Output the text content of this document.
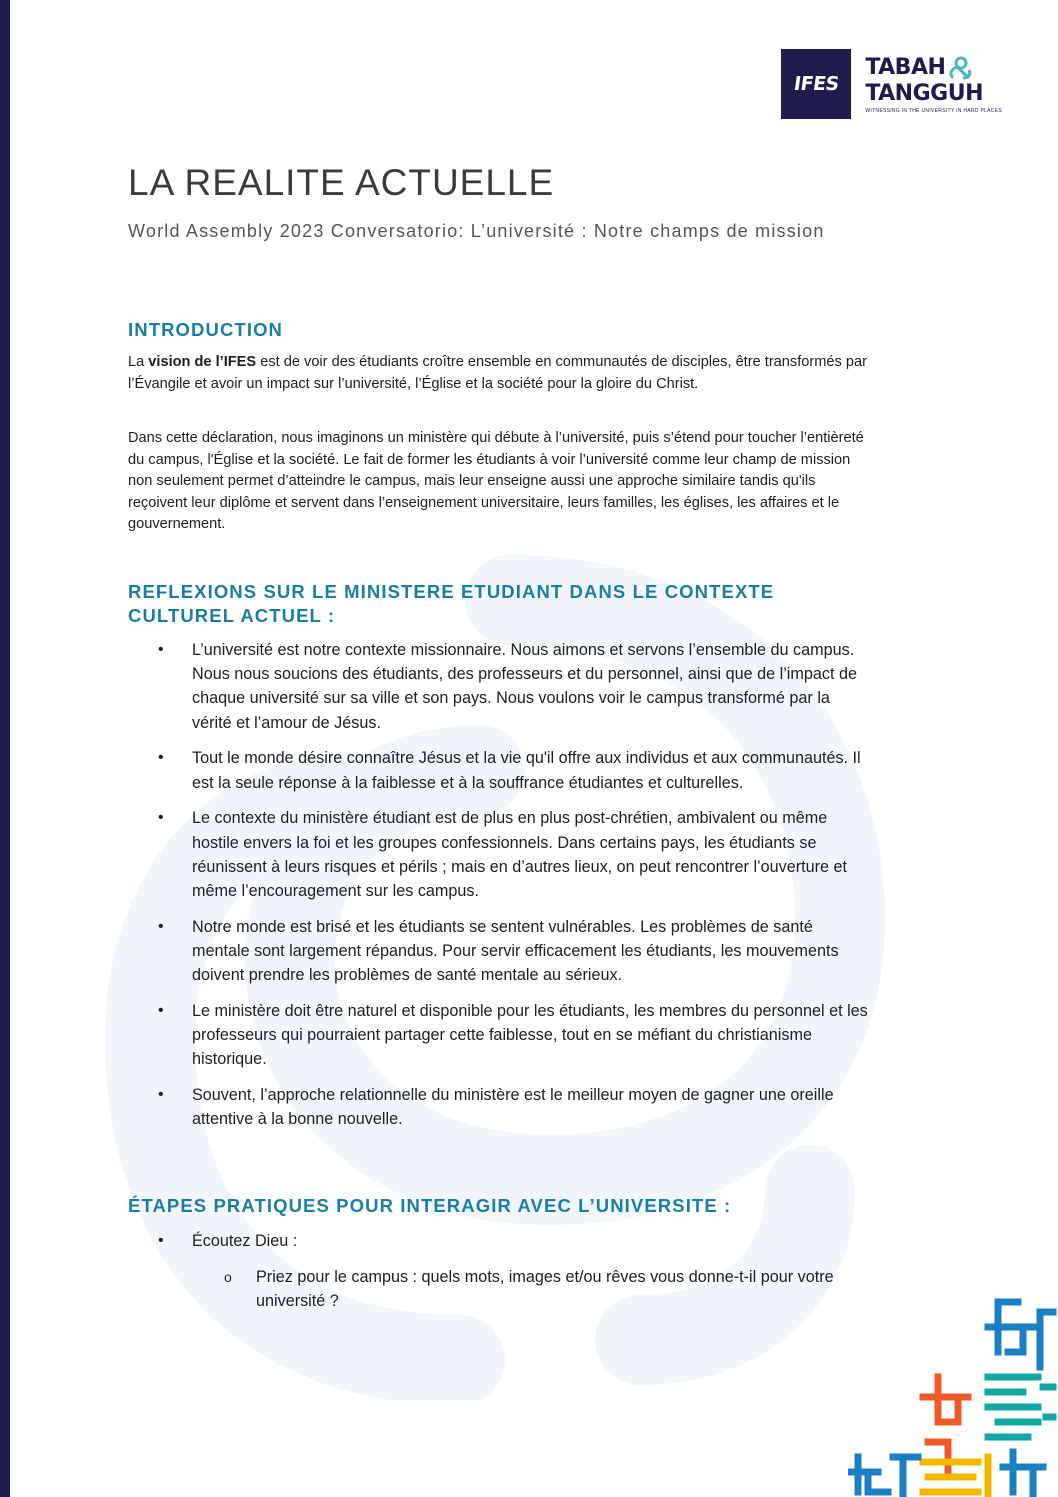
IFES
TABAH
TANGGUH
WITNESSING IN THE UNIVERSITY IN HARD PLACES
LA REALITE ACTUELLE
World Assembly 2023 Conversatorio: L’université : Notre champs de mission
INTRODUCTION

La vision de l’IFES est de voir des étudiants croître ensemble en communautés de disciples, être transformés par l’Évangile et avoir un impact sur l’université, l’Église et la société pour la gloire du Christ.

Dans cette déclaration, nous imaginons un ministère qui débute à l’université, puis s’étend pour toucher l’entièreté du campus, l'Église et la société. Le fait de former les étudiants à voir l’université comme leur champ de mission non seulement permet d’atteindre le campus, mais leur enseigne aussi une approche similaire tandis qu'ils reçoivent leur diplôme et servent dans l’enseignement universitaire, leurs familles, les églises, les affaires et le gouvernement.

REFLEXIONS SUR LE MINISTERE ETUDIANT DANS LE CONTEXTE CULTUREL ACTUEL :
• L’université est notre contexte missionnaire. Nous aimons et servons l’ensemble du campus. Nous nous soucions des étudiants, des professeurs et du personnel, ainsi que de l’impact de chaque université sur sa ville et son pays. Nous voulons voir le campus transformé par la vérité et l’amour de Jésus.
• Tout le monde désire connaître Jésus et la vie qu'il offre aux individus et aux communautés. Il est la seule réponse à la faiblesse et à la souffrance étudiantes et culturelles.
• Le contexte du ministère étudiant est de plus en plus post-chrétien, ambivalent ou même hostile envers la foi et les groupes confessionnels. Dans certains pays, les étudiants se réunissent à leurs risques et périls ; mais en d’autres lieux, on peut rencontrer l’ouverture et même l’encouragement sur les campus.
• Notre monde est brisé et les étudiants se sentent vulnérables. Les problèmes de santé mentale sont largement répandus. Pour servir efficacement les étudiants, les mouvements doivent prendre les problèmes de santé mentale au sérieux.
• Le ministère doit être naturel et disponible pour les étudiants, les membres du personnel et les professeurs qui pourraient partager cette faiblesse, tout en se méfiant du christianisme historique.
• Souvent, l’approche relationnelle du ministère est le meilleur moyen de gagner une oreille attentive à la bonne nouvelle.
ÉTAPES PRATIQUES POUR INTERAGIR AVEC L’UNIVERSITE :
• Écoutez Dieu :
o Priez pour le campus : quels mots, images et/ou rêves vous donne-t-il pour votre université ?
